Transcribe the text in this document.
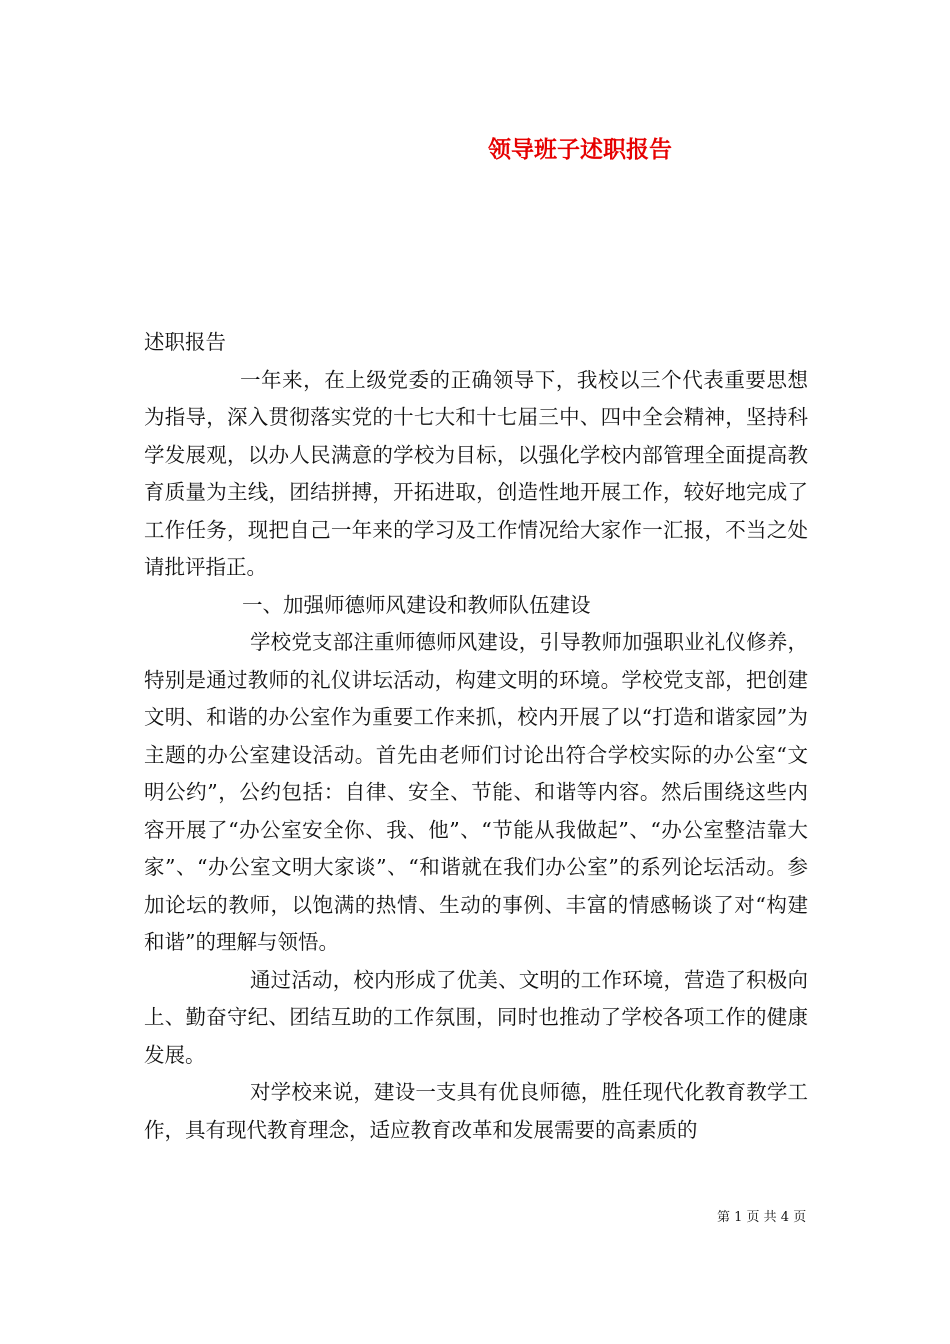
领导班子述职报告

述职报告

一年来，在上级党委的正确领导下，我校以三个代表重要思想为指导，深入贯彻落实党的十七大和十七届三中、四中全会精神，坚持科学发展观，以办人民满意的学校为目标，以强化学校内部管理全面提高教育质量为主线，团结拼搏，开拓进取，创造性地开展工作，较好地完成了工作任务，现把自己一年来的学习及工作情况给大家作一汇报，不当之处请批评指正。

一、加强师德师风建设和教师队伍建设

学校党支部注重师德师风建设，引导教师加强职业礼仪修养，特别是通过教师的礼仪讲坛活动，构建文明的环境。学校党支部，把创建文明、和谐的办公室作为重要工作来抓，校内开展了以“打造和谐家园”为主题的办公室建设活动。首先由老师们讨论出符合学校实际的办公室“文明公约”，公约包括：自律、安全、节能、和谐等内容。然后围绕这些内容开展了“办公室安全你、我、他”、“节能从我做起”、“办公室整洁靠大家”、“办公室文明大家谈”、“和谐就在我们办公室”的系列论坛活动。参加论坛的教师，以饱满的热情、生动的事例、丰富的情感畅谈了对“构建和谐”的理解与领悟。

通过活动，校内形成了优美、文明的工作环境，营造了积极向上、勤奋守纪、团结互助的工作氛围，同时也推动了学校各项工作的健康发展。

对学校来说，建设一支具有优良师德，胜任现代化教育教学工作，具有现代教育理念，适应教育改革和发展需要的高素质的

第 1 页 共 4 页
